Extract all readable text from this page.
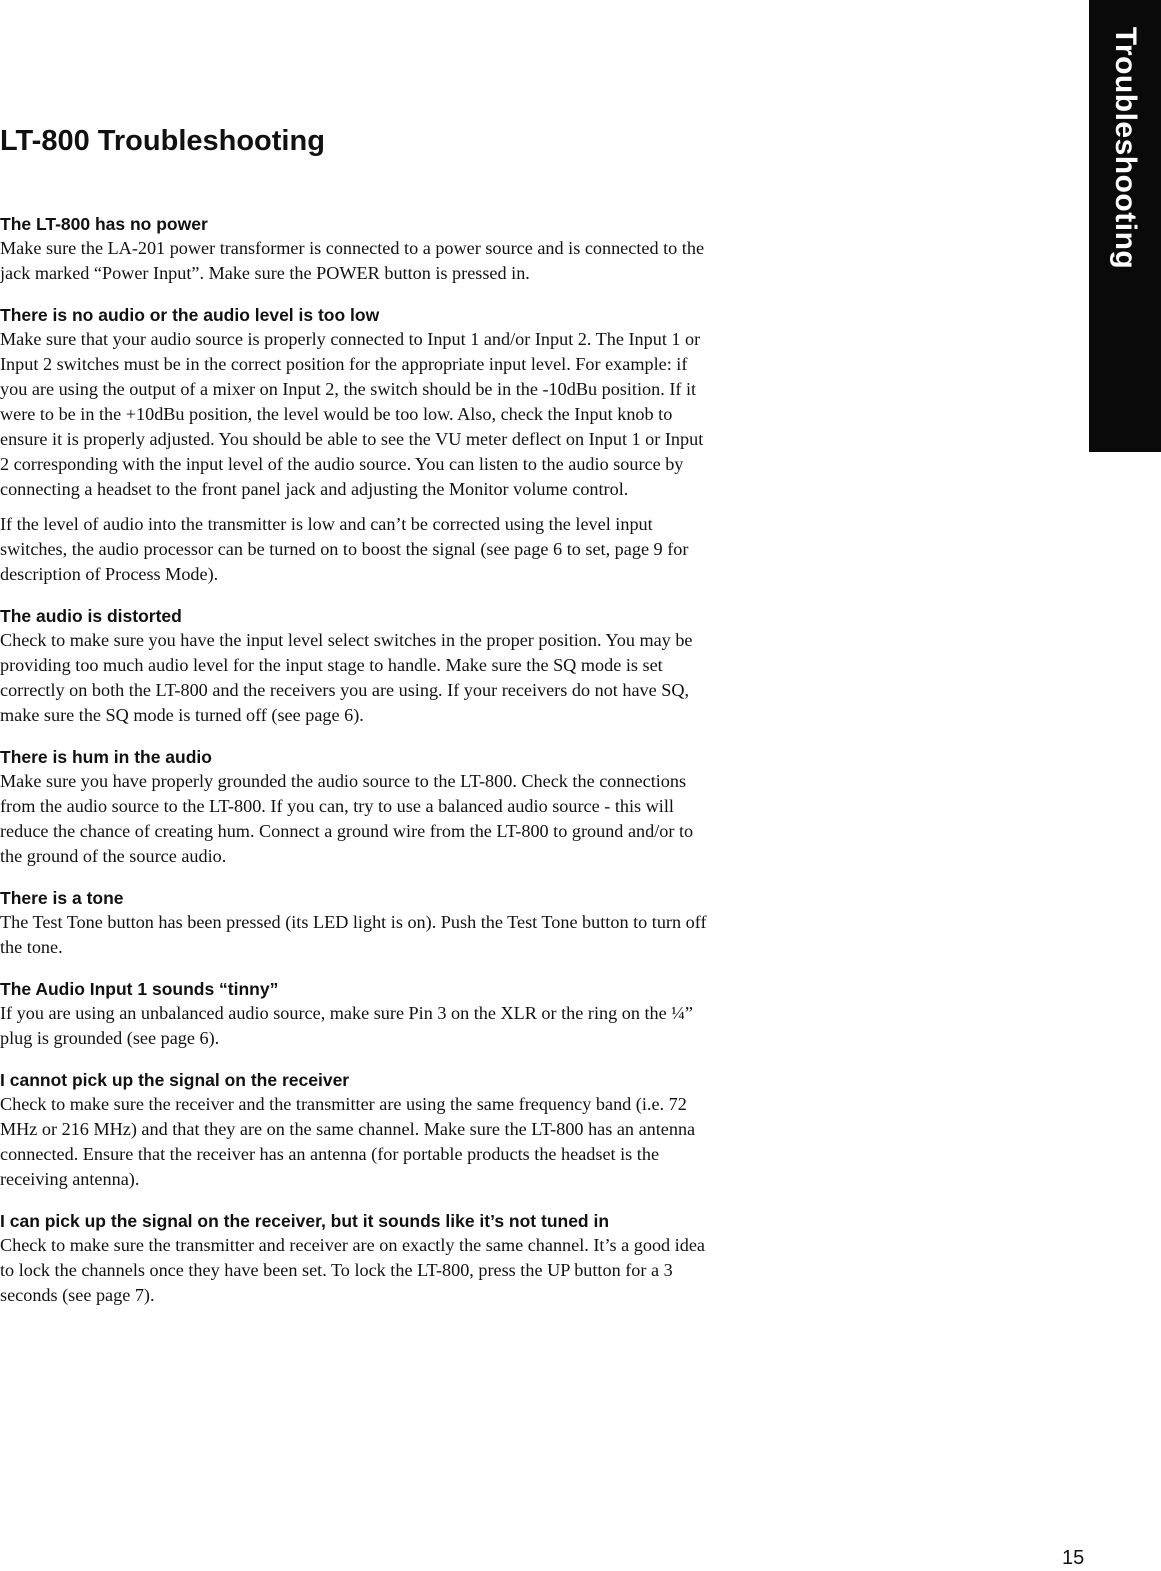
Troubleshooting
LT-800 Troubleshooting
The LT-800 has no power

Make sure the LA-201 power transformer is connected to a power source and is connected to the jack marked “Power Input”. Make sure the POWER button is pressed in.

There is no audio or the audio level is too low

Make sure that your audio source is properly connected to Input 1 and/or Input 2. The Input 1 or Input 2 switches must be in the correct position for the appropriate input level. For example: if you are using the output of a mixer on Input 2, the switch should be in the -10dBu position. If it were to be in the +10dBu position, the level would be too low. Also, check the Input knob to ensure it is properly adjusted. You should be able to see the VU meter deflect on Input 1 or Input 2 corresponding with the input level of the audio source. You can listen to the audio source by connecting a headset to the front panel jack and adjusting the Monitor volume control.

If the level of audio into the transmitter is low and can’t be corrected using the level input switches, the audio processor can be turned on to boost the signal (see page 6 to set, page 9 for description of Process Mode).

The audio is distorted

Check to make sure you have the input level select switches in the proper position. You may be providing too much audio level for the input stage to handle. Make sure the SQ mode is set correctly on both the LT-800 and the receivers you are using. If your receivers do not have SQ, make sure the SQ mode is turned off (see page 6).

There is hum in the audio

Make sure you have properly grounded the audio source to the LT-800. Check the connections from the audio source to the LT-800. If you can, try to use a balanced audio source - this will reduce the chance of creating hum. Connect a ground wire from the LT-800 to ground and/or to the ground of the source audio.

There is a tone

The Test Tone button has been pressed (its LED light is on). Push the Test Tone button to turn off the tone.

The Audio Input 1 sounds “tinny”

If you are using an unbalanced audio source, make sure Pin 3 on the XLR or the ring on the ¼” plug is grounded (see page 6).

I cannot pick up the signal on the receiver

Check to make sure the receiver and the transmitter are using the same frequency band (i.e. 72 MHz or 216 MHz) and that they are on the same channel. Make sure the LT-800 has an antenna connected. Ensure that the receiver has an antenna (for portable products the headset is the receiving antenna).

I can pick up the signal on the receiver, but it sounds like it’s not tuned in

Check to make sure the transmitter and receiver are on exactly the same channel. It’s a good idea to lock the channels once they have been set. To lock the LT-800, press the UP button for a 3 seconds (see page 7).

15
